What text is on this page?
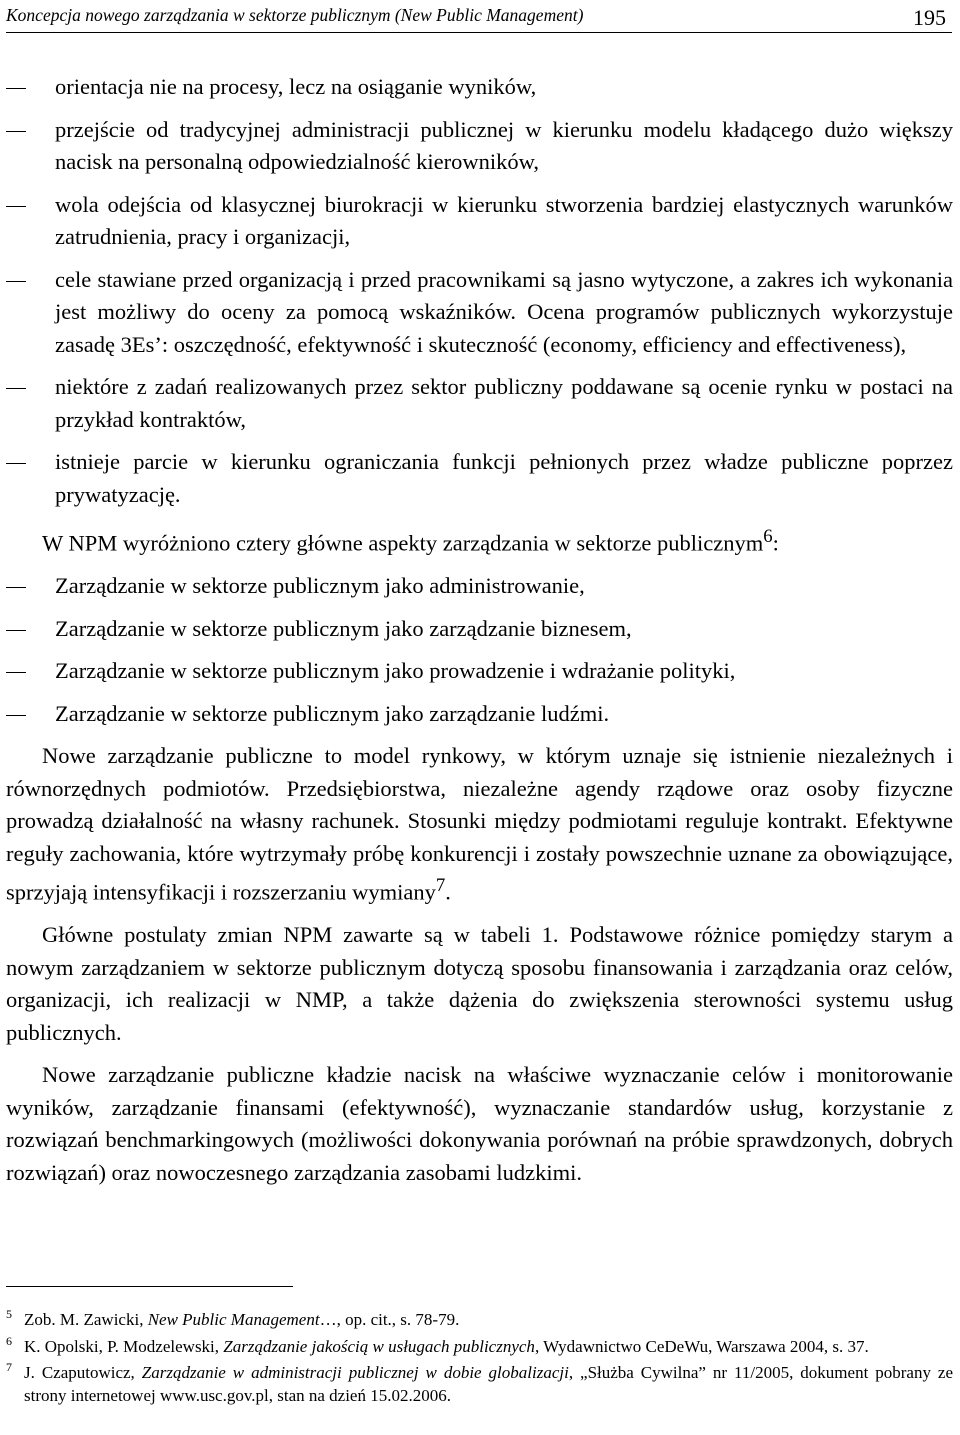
Koncepcja nowego zarządzania w sektorze publicznym (New Public Management)	195

orientacja nie na procesy, lecz na osiąganie wyników,

przejście od tradycyjnej administracji publicznej w kierunku modelu kładącego dużo większy nacisk na personalną odpowiedzialność kierowników,

wola odejścia od klasycznej biurokracji w kierunku stworzenia bardziej elastycznych warunków zatrudnienia, pracy i organizacji,

cele stawiane przed organizacją i przed pracownikami są jasno wytyczone, a zakres ich wykonania jest możliwy do oceny za pomocą wskaźników. Ocena programów publicznych wykorzystuje zasadę 3Es’: oszczędność, efektywność i skuteczność (economy, efficiency and effectiveness),

niektóre z zadań realizowanych przez sektor publiczny poddawane są ocenie rynku w postaci na przykład kontraktów,

istnieje parcie w kierunku ograniczania funkcji pełnionych przez władze publiczne poprzez prywatyzację.

W NPM wyróżniono cztery główne aspekty zarządzania w sektorze publicznym$^6$:

Zarządzanie w sektorze publicznym jako administrowanie,

Zarządzanie w sektorze publicznym jako zarządzanie biznesem,

Zarządzanie w sektorze publicznym jako prowadzenie i wdrażanie polityki,

Zarządzanie w sektorze publicznym jako zarządzanie ludźmi.

Nowe zarządzanie publiczne to model rynkowy, w którym uznaje się istnienie niezależnych i równorzędnych podmiotów. Przedsiębiorstwa, niezależne agendy rządowe oraz osoby fizyczne prowadzą działalność na własny rachunek. Stosunki między podmiotami reguluje kontrakt. Efektywne reguły zachowania, które wytrzymały próbę konkurencji i zostały powszechnie uznane za obowiązujące, sprzyjają intensyfikacji i rozszerzaniu wymiany$^7$.

Główne postulaty zmian NPM zawarte są w tabeli 1. Podstawowe różnice pomiędzy starym a nowym zarządzaniem w sektorze publicznym dotyczą sposobu finansowania i zarządzania oraz celów, organizacji, ich realizacji w NMP, a także dążenia do zwiększenia sterowności systemu usług publicznych.

Nowe zarządzanie publiczne kładzie nacisk na właściwe wyznaczanie celów i monitorowanie wyników, zarządzanie finansami (efektywność), wyznaczanie standardów usług, korzystanie z rozwiązań benchmarkingowych (możliwości dokonywania porównań na próbie sprawdzonych, dobrych rozwiązań) oraz nowoczesnego zarządzania zasobami ludzkimi.

5 Zob. M. Zawicki, New Public Management…, op. cit., s. 78-79.
6 K. Opolski, P. Modzelewski, Zarządzanie jakością w usługach publicznych, Wydawnictwo CeDeWu, Warszawa 2004, s. 37.
7 J. Czaputowicz, Zarządzanie w administracji publicznej w dobie globalizacji, „Służba Cywilna” nr 11/2005, dokument pobrany ze strony internetowej www.usc.gov.pl, stan na dzień 15.02.2006.
